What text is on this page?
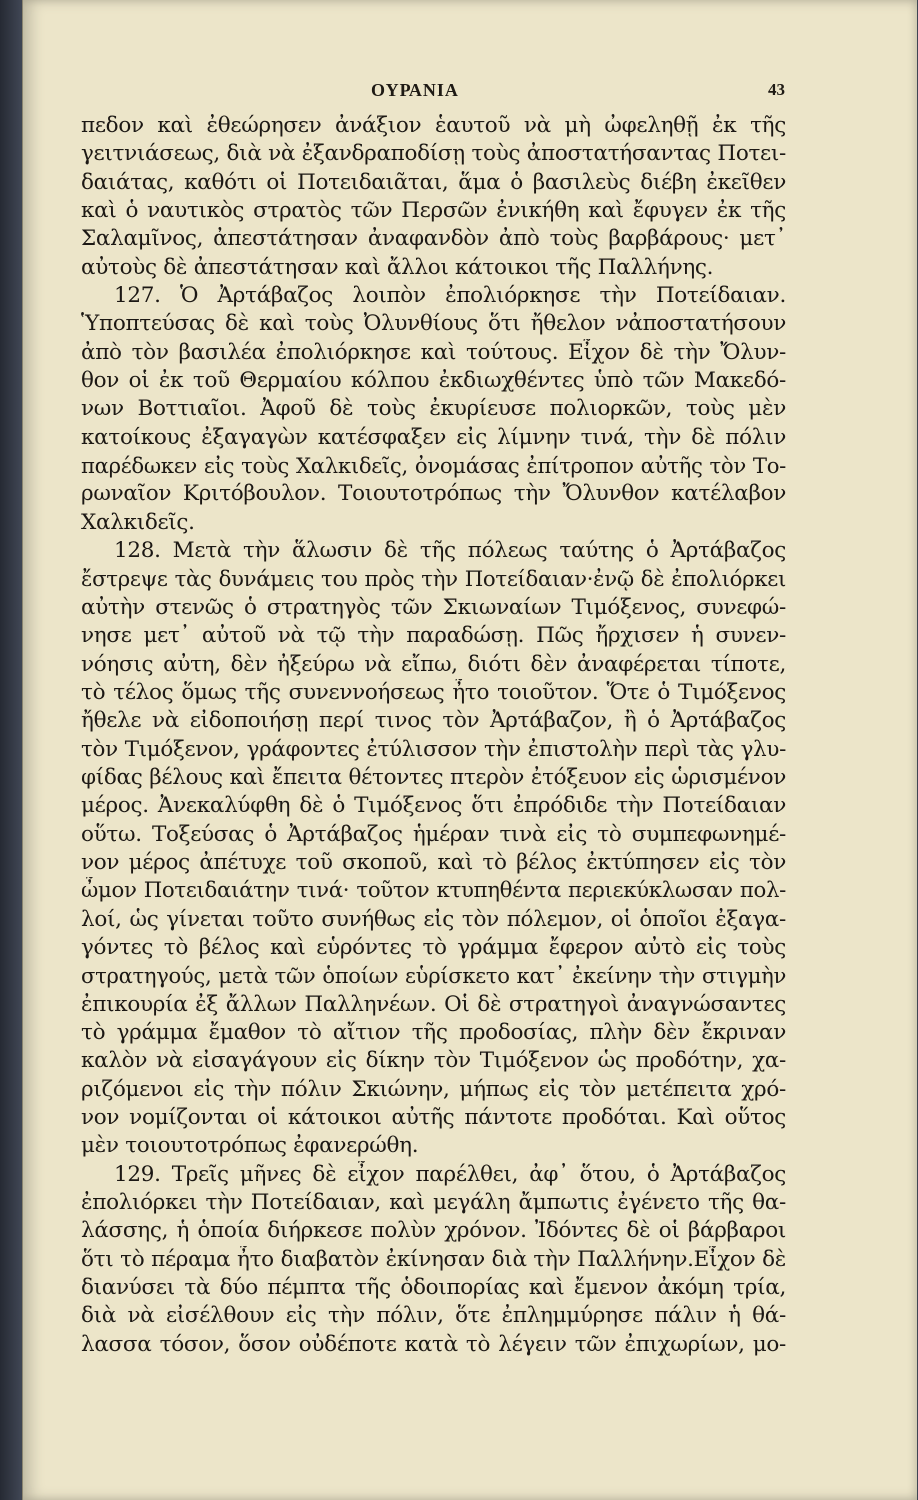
ΟΥΡΑΝΙΑ	43
πεδον καὶ ἐθεώρησεν ἀνάξιον ἑαυτοῦ νὰ μὴ ὠφεληθῇ ἐκ τῆς
γειτνιάσεως, διὰ νὰ ἐξανδραποδίσῃ τοὺς ἀποστατήσαντας Ποτει-
δαιάτας, καθότι οἱ Ποτειδαιᾶται, ἅμα ὁ βασιλεὺς διέβη ἐκεῖθεν
καὶ ὁ ναυτικὸς στρατὸς τῶν Περσῶν ἐνικήθη καὶ ἔφυγεν ἐκ τῆς
Σαλαμῖνος, ἀπεστάτησαν ἀναφανδὸν ἀπὸ τοὺς βαρβάρους· μετ᾽
αὐτοὺς δὲ ἀπεστάτησαν καὶ ἄλλοι κάτοικοι τῆς Παλλήνης.
127. Ὁ Ἀρτάβαζος λοιπὸν ἐπολιόρκησε τὴν Ποτείδαιαν.
Ὑποπτεύσας δὲ καὶ τοὺς Ὀλυνθίους ὅτι ἤθελον νἀποστατήσουν
ἀπὸ τὸν βασιλέα ἐπολιόρκησε καὶ τούτους. Εἶχον δὲ τὴν Ὄλυν-
θον οἱ ἐκ τοῦ Θερμαίου κόλπου ἐκδιωχθέντες ὑπὸ τῶν Μακεδό-
νων Βοττιαῖοι. Ἀφοῦ δὲ τοὺς ἐκυρίευσε πολιορκῶν, τοὺς μὲν
κατοίκους ἐξαγαγὼν κατέσφαξεν εἰς λίμνην τινά, τὴν δὲ πόλιν
παρέδωκεν εἰς τοὺς Χαλκιδεῖς, ὀνομάσας ἐπίτροπον αὐτῆς τὸν Το-
ρωναῖον Κριτόβουλον. Τοιουτοτρόπως τὴν Ὄλυνθον κατέλαβον
Χαλκιδεῖς.
128. Μετὰ τὴν ἅλωσιν δὲ τῆς πόλεως ταύτης ὁ Ἀρτάβαζος
ἔστρεψε τὰς δυνάμεις του πρὸς τὴν Ποτείδαιαν·ἐνῷ δὲ ἐπολιόρκει
αὐτὴν στενῶς ὁ στρατηγὸς τῶν Σκιωναίων Τιμόξενος, συνεφώ-
νησε μετ᾽ αὐτοῦ νὰ τῷ τὴν παραδώσῃ. Πῶς ἤρχισεν ἡ συνεν-
νόησις αὐτη, δὲν ἠξεύρω νὰ εἴπω, διότι δὲν ἀναφέρεται τίποτε,
τὸ τέλος ὅμως τῆς συνεννοήσεως ἦτο τοιοῦτον. Ὅτε ὁ Τιμόξενος
ἤθελε νὰ εἰδοποιήσῃ περί τινος τὸν Ἀρτάβαζον, ἢ ὁ Ἀρτάβαζος
τὸν Τιμόξενον, γράφοντες ἐτύλισσον τὴν ἐπιστολὴν περὶ τὰς γλυ-
φίδας βέλους καὶ ἔπειτα θέτοντες πτερὸν ἐτόξευον εἰς ὡρισμένον
μέρος. Ἀνεκαλύφθη δὲ ὁ Τιμόξενος ὅτι ἐπρόδιδε τὴν Ποτείδαιαν
οὕτω. Τοξεύσας ὁ Ἀρτάβαζος ἡμέραν τινὰ εἰς τὸ συμπεφωνημέ-
νον μέρος ἀπέτυχε τοῦ σκοποῦ, καὶ τὸ βέλος ἐκτύπησεν εἰς τὸν
ὦμον Ποτειδαιάτην τινά· τοῦτον κτυπηθέντα περιεκύκλωσαν πολ-
λοί, ὡς γίνεται τοῦτο συνήθως εἰς τὸν πόλεμον, οἱ ὁποῖοι ἐξαγα-
γόντες τὸ βέλος καὶ εὑρόντες τὸ γράμμα ἔφερον αὐτὸ εἰς τοὺς
στρατηγούς, μετὰ τῶν ὁποίων εὑρίσκετο κατ᾽ ἐκείνην τὴν στιγμὴν
ἐπικουρία ἐξ ἄλλων Παλληνέων. Οἱ δὲ στρατηγοὶ ἀναγνώσαντες
τὸ γράμμα ἔμαθον τὸ αἴτιον τῆς προδοσίας, πλὴν δὲν ἔκριναν
καλὸν νὰ εἰσαγάγουν εἰς δίκην τὸν Τιμόξενον ὡς προδότην, χα-
ριζόμενοι εἰς τὴν πόλιν Σκιώνην, μήπως εἰς τὸν μετέπειτα χρό-
νον νομίζονται οἱ κάτοικοι αὐτῆς πάντοτε προδόται. Καὶ οὕτος
μὲν τοιουτοτρόπως ἐφανερώθη.
129. Τρεῖς μῆνες δὲ εἶχον παρέλθει, ἀφ᾽ ὅτου, ὁ Ἀρτάβαζος
ἐπολιόρκει τὴν Ποτείδαιαν, καὶ μεγάλη ἄμπωτις ἐγένετο τῆς θα-
λάσσης, ἡ ὁποία διήρκεσε πολὺν χρόνον. Ἰδόντες δὲ οἱ βάρβαροι
ὅτι τὸ πέραμα ἦτο διαβατὸν ἐκίνησαν διὰ τὴν Παλλήνην.Εἶχον δὲ
διανύσει τὰ δύο πέμπτα τῆς ὁδοιπορίας καὶ ἔμενον ἀκόμη τρία,
διὰ νὰ εἰσέλθουν εἰς τὴν πόλιν, ὅτε ἐπλημμύρησε πάλιν ἡ θά-
λασσα τόσον, ὅσον οὐδέποτε κατὰ τὸ λέγειν τῶν ἐπιχωρίων, μο-
